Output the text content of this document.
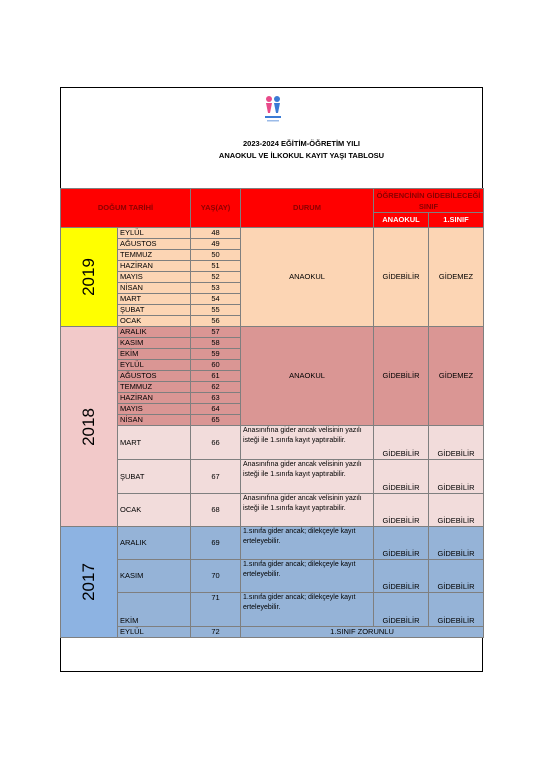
2023-2024 EĞİTİM-ÖĞRETİM YILI
ANAOKUL VE İLKOKUL KAYIT YAŞI TABLOSU
DOĞUM TARİHİ		YAŞ(AY)	DURUM	ÖĞRENCİNİN GİDEBİLECEĞİ SINIF	
				ANAOKUL	1.SINIF
2019	EYLÜL	48	ANAOKUL	GİDEBİLİR	GİDEMEZ
	AĞUSTOS	49			
	TEMMUZ	50			
	HAZİRAN	51			
	MAYIS	52			
	NİSAN	53			
	MART	54			
	ŞUBAT	55			
	OCAK	56			
2018	ARALIK	57	ANAOKUL	GİDEBİLİR	GİDEMEZ
	KASIM	58			
	EKİM	59			
	EYLÜL	60			
	AĞUSTOS	61			
	TEMMUZ	62			
	HAZİRAN	63			
	MAYIS	64			
	NİSAN	65			
	MART	66	Anasınıfına gider ancak velisinin yazılı isteği ile 1.sınıfa kayıt yaptırabilir.	GİDEBİLİR	GİDEBİLİR
	ŞUBAT	67	Anasınıfına gider ancak velisinin yazılı isteği ile 1.sınıfa kayıt yaptırabilir.	GİDEBİLİR	GİDEBİLİR
	OCAK	68	Anasınıfına gider ancak velisinin yazılı isteği ile 1.sınıfa kayıt yaptırabilir.	GİDEBİLİR	GİDEBİLİR
2017	ARALIK	69	1.sınıfa gider ancak; dilekçeyle kayıt erteleyebilir.	GİDEBİLİR	GİDEBİLİR
	KASIM	70	1.sınıfa gider ancak; dilekçeyle kayıt erteleyebilir.	GİDEBİLİR	GİDEBİLİR
	EKİM	71	1.sınıfa gider ancak; dilekçeyle kayıt erteleyebilir.	GİDEBİLİR	GİDEBİLİR
	EYLÜL	72	1.SINIF ZORUNLU		
